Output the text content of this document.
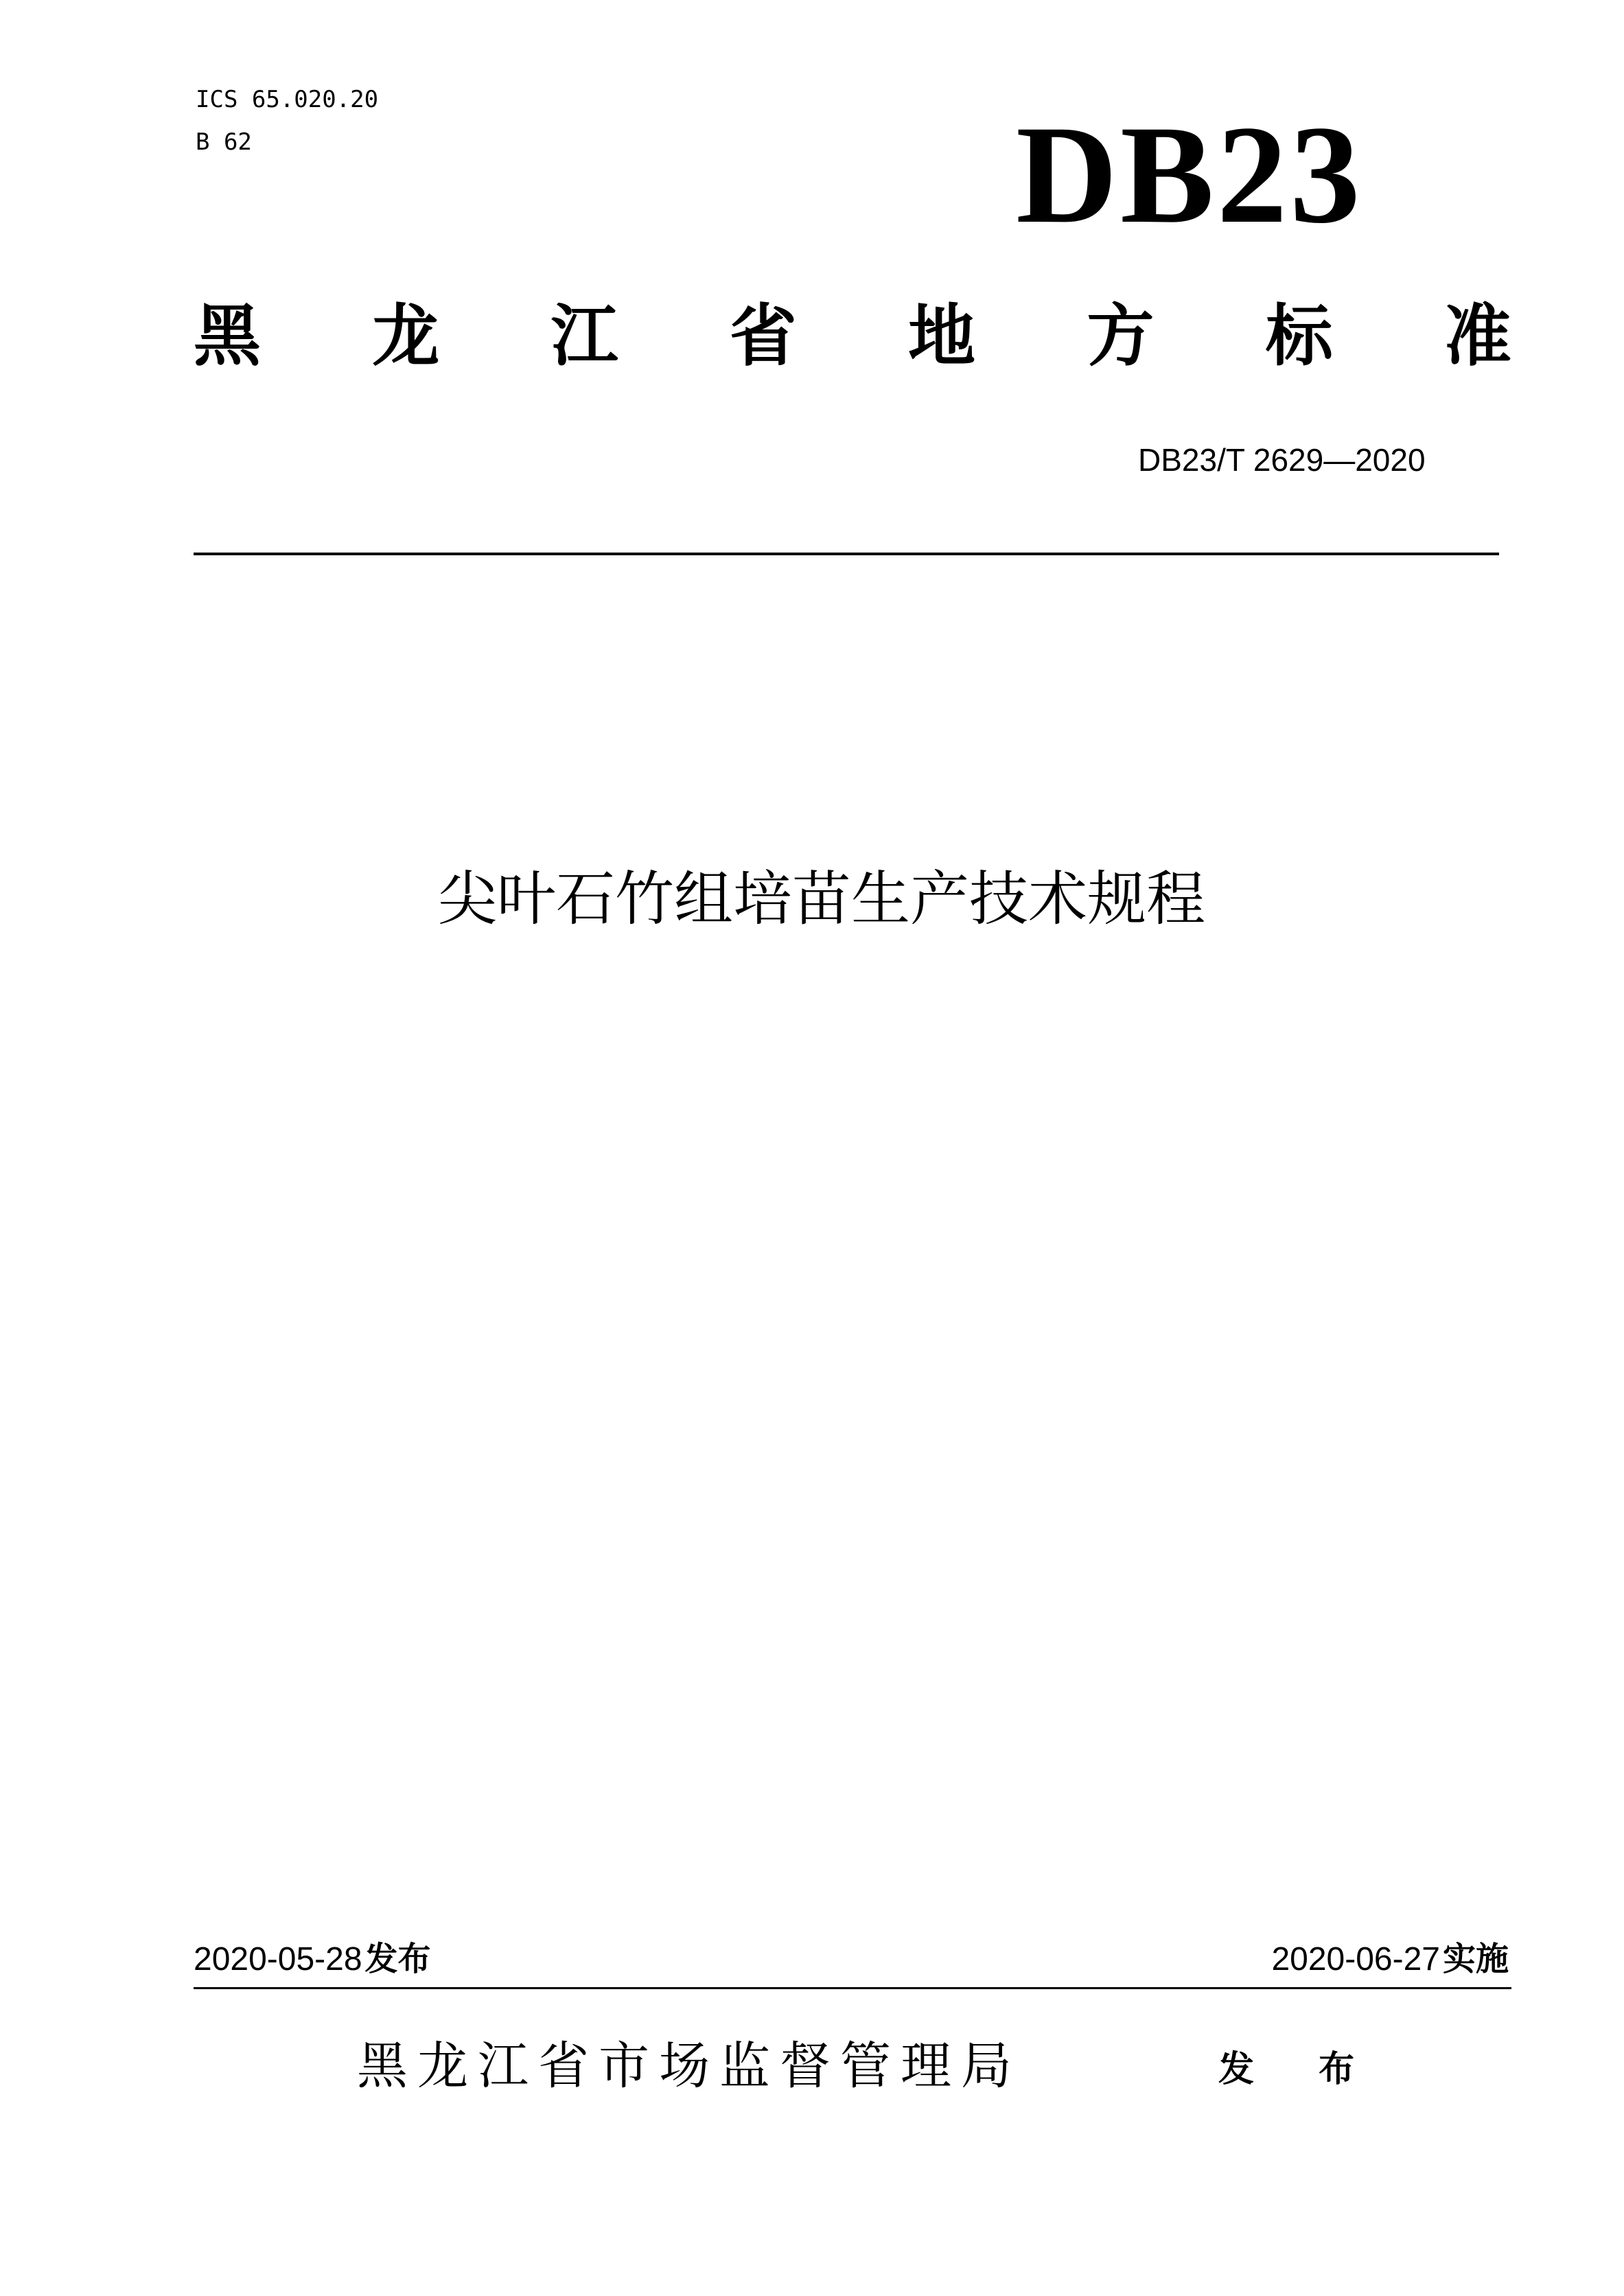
ICS 65.020.20
B 62	DB23
黑 龙 江 省 地 方 标 准
DB23/T 2629—2020
尖叶石竹组培苗生产技术规程
2020-05-28发布	2020-06-27实施
黑龙江省市场监督管理局	发 布
